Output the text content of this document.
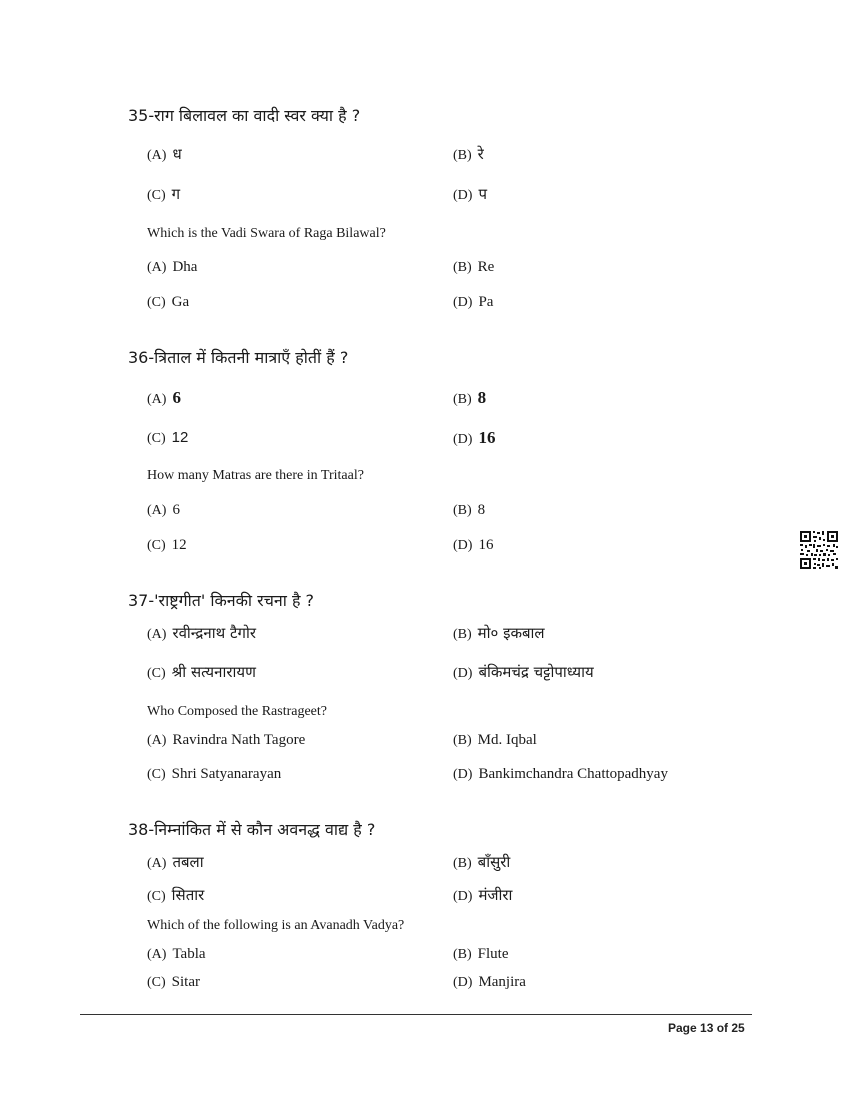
35-राग बिलावल का वादी स्वर क्या है ?
(A) ध	(B) रे
(C) ग	(D) प
Which is the Vadi Swara of Raga Bilawal?
(A) Dha	(B) Re
(C) Ga	(D) Pa
36-त्रिताल में कितनी मात्राएँ होतीं हैं ?
(A) 6	(B) 8
(C) 12	(D) 16
How many Matras are there in Tritaal?
(A) 6	(B) 8
(C) 12	(D) 16
37-'राष्ट्रगीत' किनकी रचना है ?
(A) रवीन्द्रनाथ टैगोर	(B) मो० इकबाल
(C) श्री सत्यनारायण	(D) बंकिमचंद्र चट्टोपाध्याय
Who Composed the Rastrageet?
(A) Ravindra Nath Tagore	(B) Md. Iqbal
(C) Shri Satyanarayan	(D) Bankimchandra Chattopadhyay
38-निम्नांकित में से कौन अवनद्ध वाद्य है ?
(A) तबला	(B) बाँसुरी
(C) सितार	(D) मंजीरा
Which of the following is an Avanadh Vadya?
(A) Tabla	(B) Flute
(C) Sitar	(D) Manjira
Page 13 of 25
